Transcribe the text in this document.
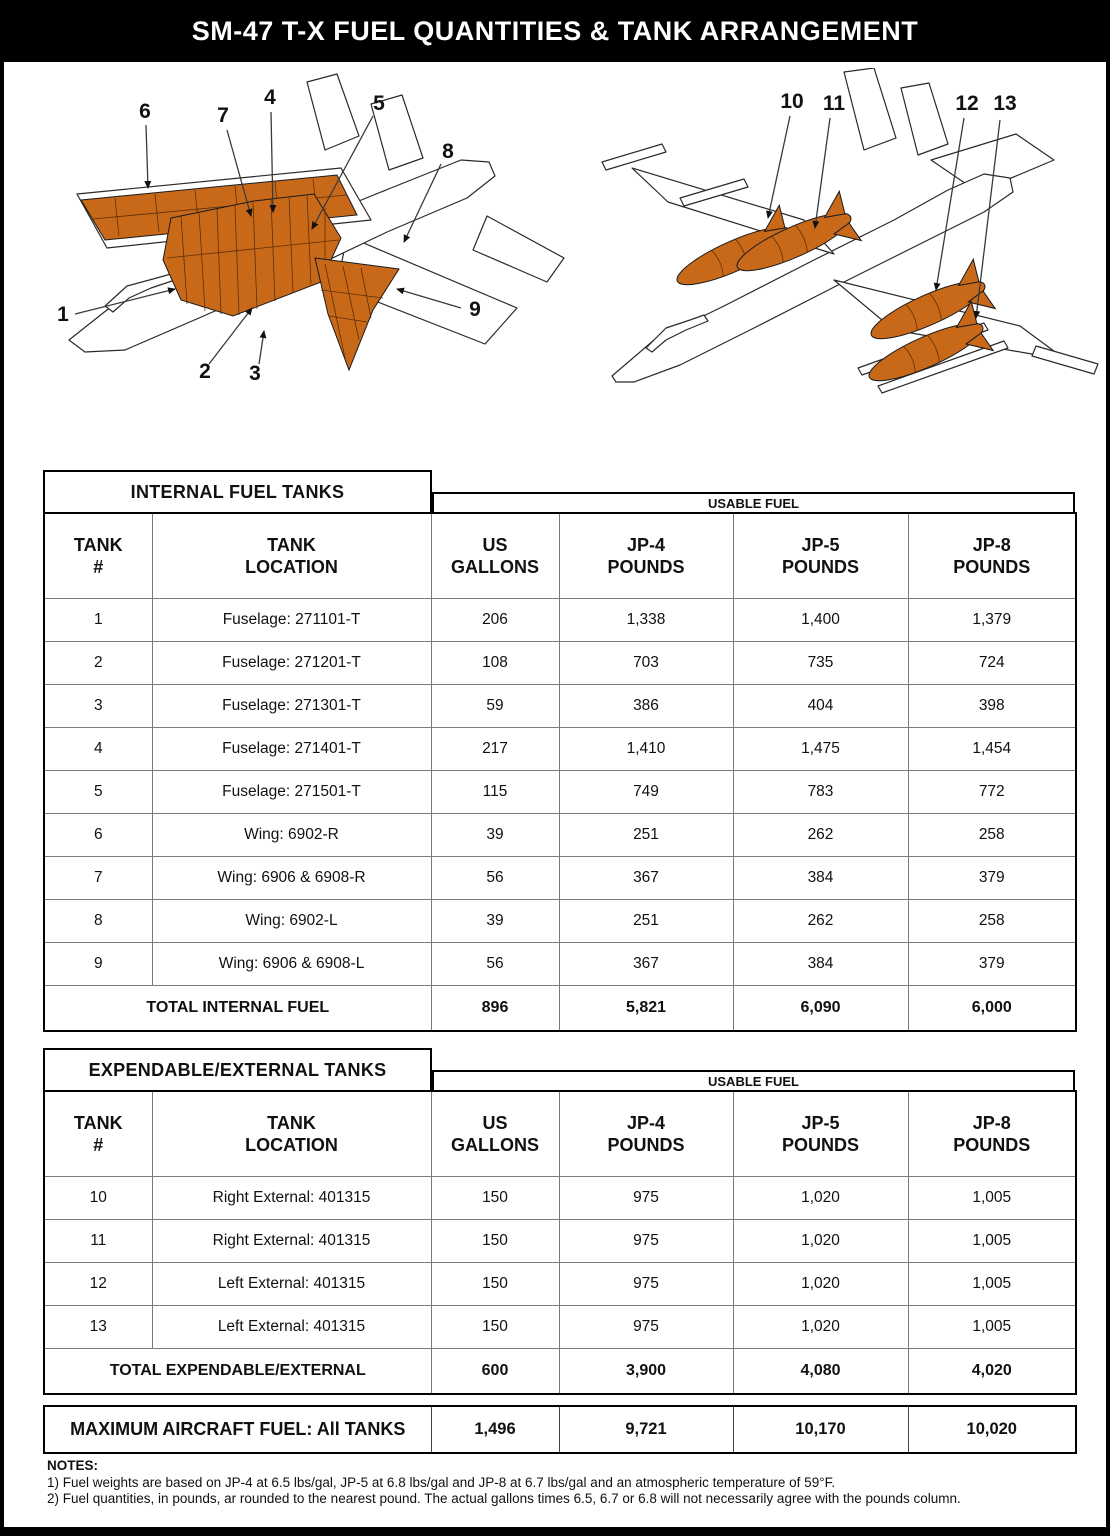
SM-47 T-X FUEL QUANTITIES & TANK ARRANGEMENT
1
2 3
4	5
6	7
8
9
10 11	12 13
INTERNAL FUEL TANKS
USABLE FUEL
TANK
#

TANK
LOCATION

US
GALLONS

JP-4
POUNDS

JP-5
POUNDS

JP-8
POUNDS

1	Fuselage: 271101-T	206	1,338	1,400	1,379
2	Fuselage: 271201-T	108	703	735	724
3	Fuselage: 271301-T	59	386	404	398
4	Fuselage: 271401-T	217	1,410	1,475	1,454
5	Fuselage: 271501-T	115	749	783	772
6	Wing: 6902-R	39	251	262	258
7	Wing: 6906 & 6908-R	56	367	384	379
8	Wing: 6902-L	39	251	262	258
9	Wing: 6906 & 6908-L	56	367	384	379
TOTAL INTERNAL FUEL		896	5,821	6,090	6,000
EXPENDABLE/EXTERNAL TANKS
USABLE FUEL
TANK
#

TANK
LOCATION

US
GALLONS

JP-4
POUNDS

JP-5
POUNDS

JP-8
POUNDS

10	Right External: 401315	150	975	1,020	1,005
11	Right External: 401315	150	975	1,020	1,005
12	Left External: 401315	150	975	1,020	1,005
13	Left External: 401315	150	975	1,020	1,005
TOTAL EXPENDABLE/EXTERNAL		600	3,900	4,080	4,020
MAXIMUM AIRCRAFT FUEL: All TANKS	1,496	9,721	10,170	10,020
NOTES:
1) Fuel weights are based on JP-4 at 6.5 lbs/gal, JP-5 at 6.8 lbs/gal and JP-8 at 6.7 lbs/gal and an atmospheric temperature of 59°F.
2) Fuel quantities, in pounds, ar rounded to the nearest pound. The actual gallons times 6.5, 6.7 or 6.8 will not necessarily agree with the pounds column.
